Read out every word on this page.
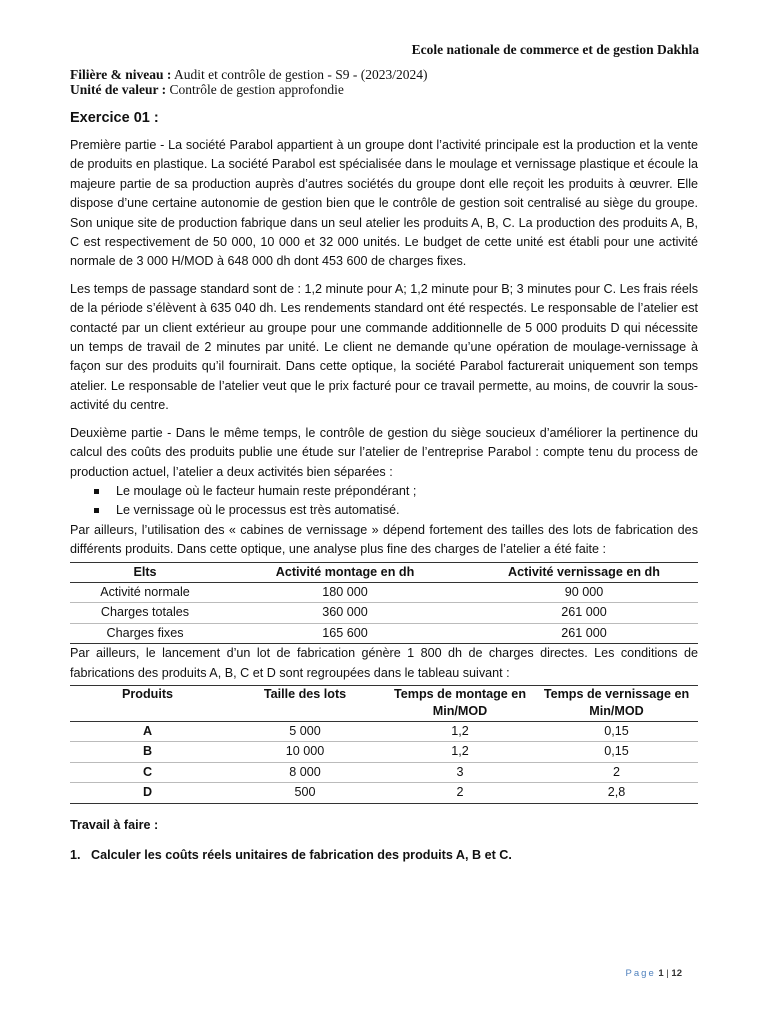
Ecole nationale de commerce et de gestion Dakhla
Filière & niveau : Audit et contrôle de gestion - S9 - (2023/2024)
Unité de valeur : Contrôle de gestion approfondie
Exercice 01 :

Première partie - La société Parabol appartient à un groupe dont l’activité principale est la production et la vente de produits en plastique. La société Parabol est spécialisée dans le moulage et vernissage plastique et écoule la majeure partie de sa production auprès d’autres sociétés du groupe dont elle reçoit les produits à œuvrer. Elle dispose d’une certaine autonomie de gestion bien que le contrôle de gestion soit centralisé au siège du groupe. Son unique site de production fabrique dans un seul atelier les produits A, B, C. La production des produits A, B, C est respectivement de 50 000, 10 000 et 32 000 unités. Le budget de cette unité est établi pour une activité normale de 3 000 H/MOD à 648 000 dh dont 453 600 de charges fixes.

Les temps de passage standard sont de : 1,2 minute pour A; 1,2 minute pour B; 3 minutes pour C. Les frais réels de la période s’élèvent à 635 040 dh. Les rendements standard ont été respectés. Le responsable de l’atelier est contacté par un client extérieur au groupe pour une commande additionnelle de 5 000 produits D qui nécessite un temps de travail de 2 minutes par unité. Le client ne demande qu’une opération de moulage-vernissage à façon sur des produits qu’il fournirait. Dans cette optique, la société Parabol facturerait uniquement son temps atelier. Le responsable de l’atelier veut que le prix facturé pour ce travail permette, au moins, de couvrir la sous-activité du centre.

Deuxième partie - Dans le même temps, le contrôle de gestion du siège soucieux d’améliorer la pertinence du calcul des coûts des produits publie une étude sur l’atelier de l’entreprise Parabol : compte tenu du process de production actuel, l’atelier a deux activités bien séparées :

Le moulage où le facteur humain reste prépondérant ;
Le vernissage où le processus est très automatisé.

Par ailleurs, l’utilisation des « cabines de vernissage » dépend fortement des tailles des lots de fabrication des différents produits. Dans cette optique, une analyse plus fine des charges de l’atelier a été faite :

Elts	Activité montage en dh	Activité vernissage en dh
Activité normale	180 000	90 000
Charges totales	360 000	261 000
Charges fixes	165 600	261 000

Par ailleurs, le lancement d’un lot de fabrication génère 1 800 dh de charges directes. Les conditions de fabrications des produits A, B, C et D sont regroupées dans le tableau suivant :

Produits	Taille des lots	Temps de montage en Min/MOD	Temps de vernissage en Min/MOD
A	5 000	1,2	0,15
B	10 000	1,2	0,15
C	8 000	3	2
D	500	2	2,8
Travail à faire :
1. Calculer les coûts réels unitaires de fabrication des produits A, B et C.
Page 1 | 12
